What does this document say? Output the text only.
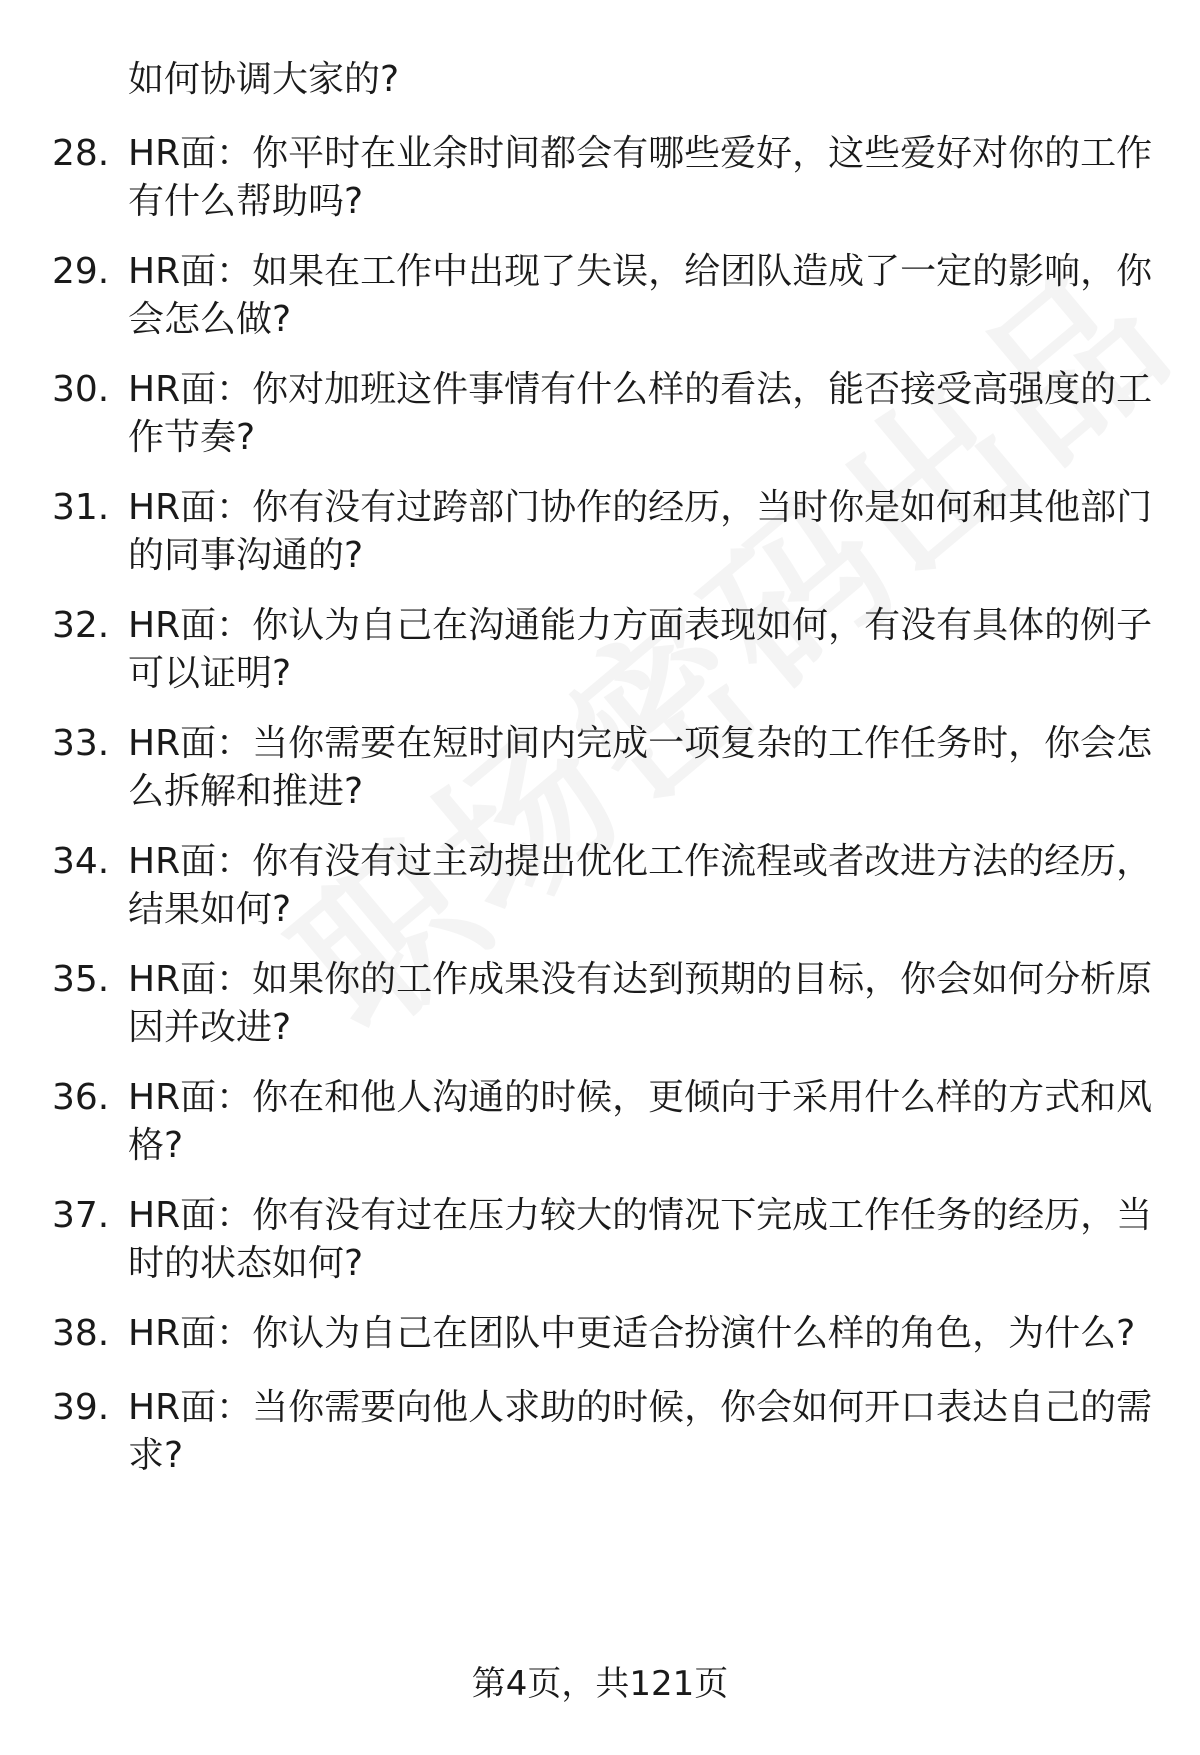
如何协调大家的?
28. HR面：你平时在业余时间都会有哪些爱好，这些爱好对你的工作
有什么帮助吗?
29. HR面：如果在工作中出现了失误，给团队造成了一定的影响，你
会怎么做?
30. HR面：你对加班这件事情有什么样的看法，能否接受高强度的工
作节奏?
31. HR面：你有没有过跨部门协作的经历，当时你是如何和其他部门
的同事沟通的?
32. HR面：你认为自己在沟通能力方面表现如何，有没有具体的例子
可以证明?
33. HR面：当你需要在短时间内完成一项复杂的工作任务时，你会怎
么拆解和推进?
34. HR面：你有没有过主动提出优化工作流程或者改进方法的经历，
结果如何?
35. HR面：如果你的工作成果没有达到预期的目标，你会如何分析原
因并改进?
36. HR面：你在和他人沟通的时候，更倾向于采用什么样的方式和风
格?
37. HR面：你有没有过在压力较大的情况下完成工作任务的经历，当
时的状态如何?
38. HR面：你认为自己在团队中更适合扮演什么样的角色，为什么?
39. HR面：当你需要向他人求助的时候，你会如何开口表达自己的需
求?
第4页，共121页
